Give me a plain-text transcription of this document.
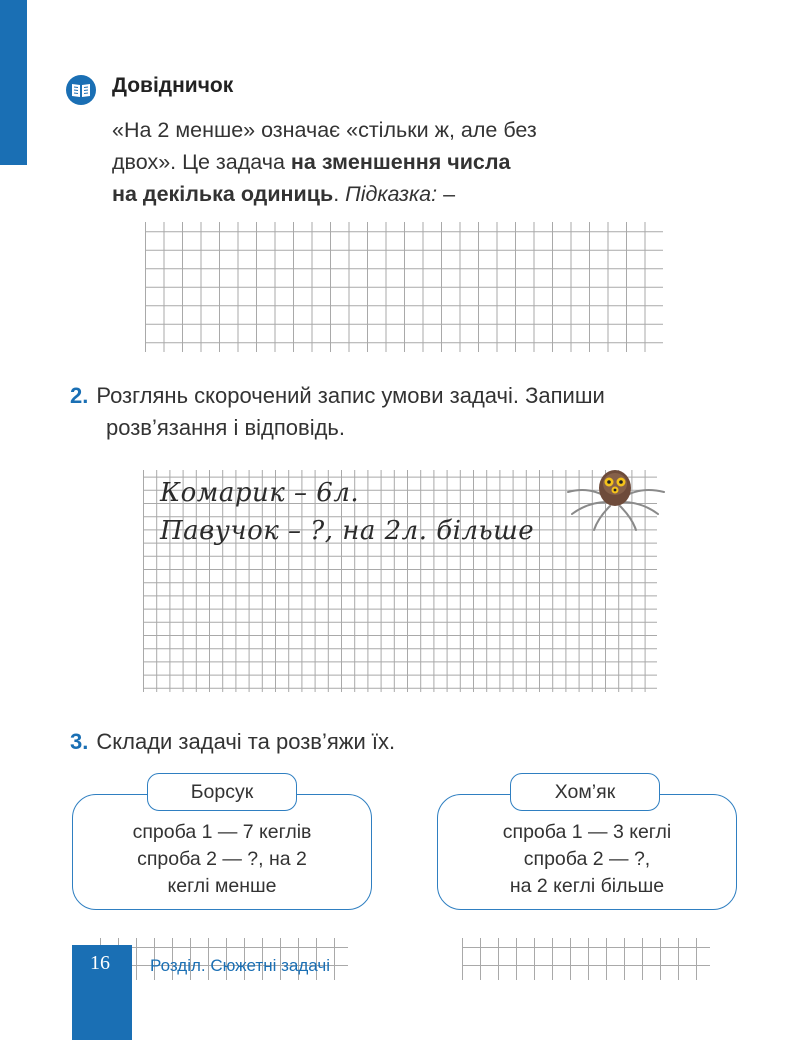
Довідничок
«На 2 менше» означає «стільки ж, але без
двох». Це задача на зменшення числа
на декілька одиниць. Підказка: –
2. Розглянь скорочений запис умови задачі. Запиши
розв’язання і відповідь.
Комарик – 6л.
Павучок – ?, на 2л. більше
3. Склади задачі та розв’яжи їх.
спроба 1 — 7 кеглів
спроба 2 — ?, на 2
кеглі менше
Борсук
спроба 1 — 3 кеглі
спроба 2 — ?,
на 2 кеглі більше
Хом’як
16 Розділ. Сюжетні задачі
